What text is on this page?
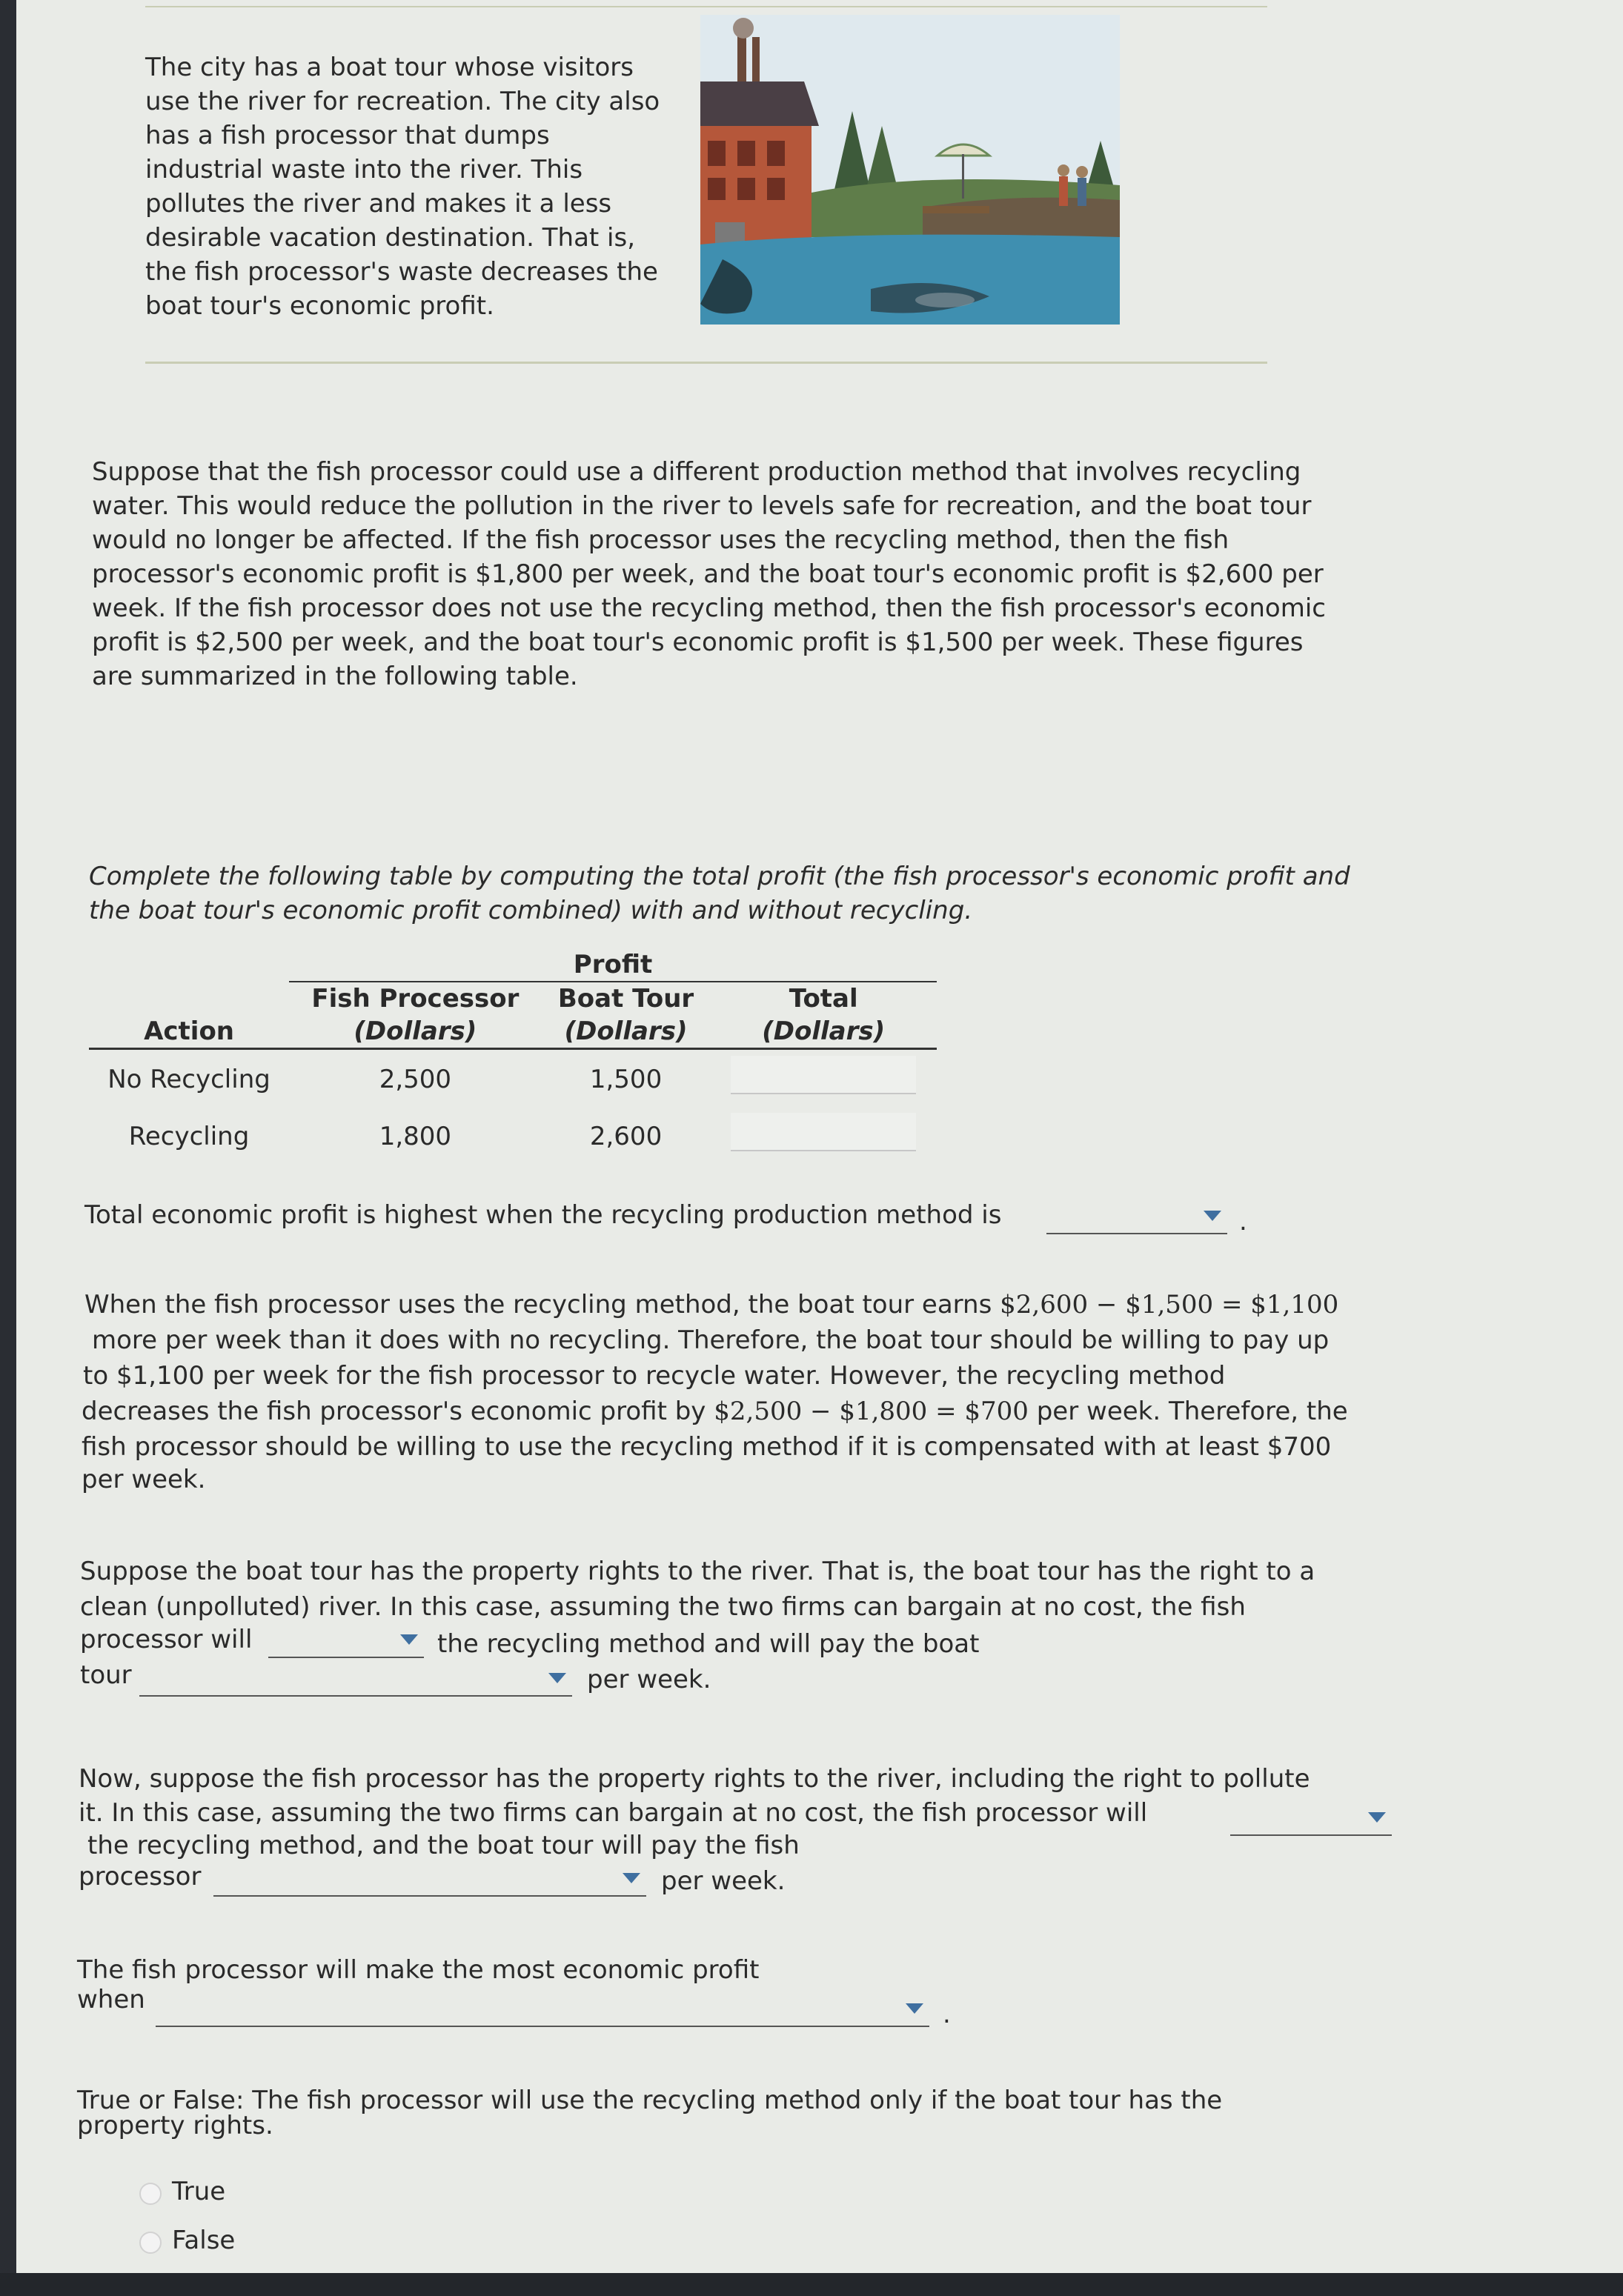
The city has a boat tour whose visitors
use the river for recreation. The city also
has a fish processor that dumps
industrial waste into the river. This
pollutes the river and makes it a less
desirable vacation destination. That is,
the fish processor's waste decreases the
boat tour's economic profit.
Suppose that the fish processor could use a different production method that involves recycling
water. This would reduce the pollution in the river to levels safe for recreation, and the boat tour
would no longer be affected. If the fish processor uses the recycling method, then the fish
processor's economic profit is $1,800 per week, and the boat tour's economic profit is $2,600 per
week. If the fish processor does not use the recycling method, then the fish processor's economic
profit is $2,500 per week, and the boat tour's economic profit is $1,500 per week. These figures
are summarized in the following table.
Complete the following table by computing the total profit (the fish processor's economic profit and
the boat tour's economic profit combined) with and without recycling.
	Profit		
	Fish Processor	Boat Tour	Total
Action	(Dollars)	(Dollars)	(Dollars)
No Recycling	2,500	1,500	
Recycling	1,800	2,600	
Total economic profit is highest when the recycling production method is	.
When the fish processor uses the recycling method, the boat tour earns $2,600 − $1,500 = $1,100
more per week than it does with no recycling. Therefore, the boat tour should be willing to pay up
to $1,100 per week for the fish processor to recycle water. However, the recycling method
decreases the fish processor's economic profit by $2,500 − $1,800 = $700 per week. Therefore, the
fish processor should be willing to use the recycling method if it is compensated with at least $700
per week.
Suppose the boat tour has the property rights to the river. That is, the boat tour has the right to a
clean (unpolluted) river. In this case, assuming the two firms can bargain at no cost, the fish
processor will	the recycling method and will pay the boat
tour	per week.
Now, suppose the fish processor has the property rights to the river, including the right to pollute
it. In this case, assuming the two firms can bargain at no cost, the fish processor will
the recycling method, and the boat tour will pay the fish
processor	per week.
The fish processor will make the most economic profit
when	.
True or False: The fish processor will use the recycling method only if the boat tour has the
property rights.
True
False
